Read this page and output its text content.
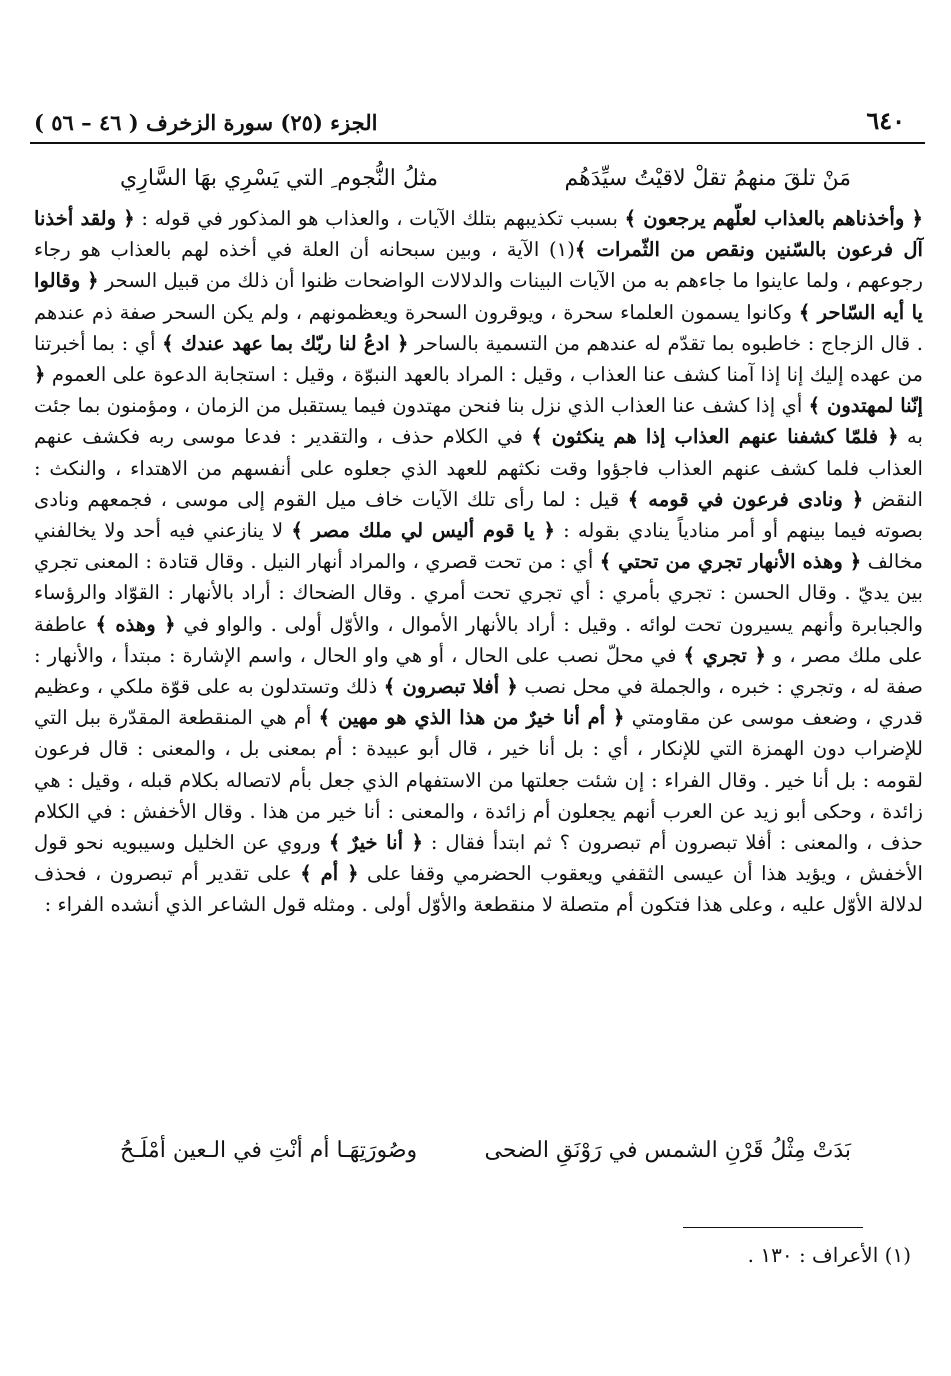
٦٤٠
الجزء (٢٥) سورة الزخرف ( ٤٦ – ٥٦ )
مَنْ تلقَ منهمُ تقلْ لاقيْتُ سيِّدَهُم
مثلُ النُّجوم ِ التي يَسْرِي بهَا السَّارِي

﴿ وأخذناهم بالعذاب لعلّهم يرجعون ﴾ بسبب تكذيبهم بتلك الآيات ، والعذاب هو المذكور في قوله : ﴿ ولقد أخذنا آل فرعون بالسّنين ونقص من الثّمرات ﴾(١) الآية ، وبين سبحانه أن العلة في أخذه لهم بالعذاب هو رجاء رجوعهم ، ولما عاينوا ما جاءهم به من الآيات البينات والدلالات الواضحات ظنوا أن ذلك من قبيل السحر ﴿ وقالوا يا أيه السّاحر ﴾ وكانوا يسمون العلماء سحرة ، ويوقرون السحرة ويعظمونهم ، ولم يكن السحر صفة ذم عندهم . قال الزجاج : خاطبوه بما تقدّم له عندهم من التسمية بالساحر ﴿ ادعُ لنا ربّك بما عهد عندك ﴾ أي : بما أخبرتنا من عهده إليك إنا إذا آمنا كشف عنا العذاب ، وقيل : المراد بالعهد النبوّة ، وقيل : استجابة الدعوة على العموم ﴿ إنّنا لمهتدون ﴾ أي إذا كشف عنا العذاب الذي نزل بنا فنحن مهتدون فيما يستقبل من الزمان ، ومؤمنون بما جئت به ﴿ فلمّا كشفنا عنهم العذاب إذا هم ينكثون ﴾ في الكلام حذف ، والتقدير : فدعا موسى ربه فكشف عنهم العذاب فلما كشف عنهم العذاب فاجؤوا وقت نكثهم للعهد الذي جعلوه على أنفسهم من الاهتداء ، والنكث : النقض ﴿ ونادى فرعون في قومه ﴾ قيل : لما رأى تلك الآيات خاف ميل القوم إلى موسى ، فجمعهم ونادى بصوته فيما بينهم أو أمر منادياً ينادي بقوله : ﴿ يا قوم أليس لي ملك مصر ﴾ لا ينازعني فيه أحد ولا يخالفني مخالف ﴿ وهذه الأنهار تجري من تحتي ﴾ أي : من تحت قصري ، والمراد أنهار النيل . وقال قتادة : المعنى تجري بين يديّ . وقال الحسن : تجري بأمري : أي تجري تحت أمري . وقال الضحاك : أراد بالأنهار : القوّاد والرؤساء والجبابرة وأنهم يسيرون تحت لوائه . وقيل : أراد بالأنهار الأموال ، والأوّل أولى . والواو في ﴿ وهذه ﴾ عاطفة على ملك مصر ، و ﴿ تجري ﴾ في محلّ نصب على الحال ، أو هي واو الحال ، واسم الإشارة : مبتدأ ، والأنهار : صفة له ، وتجري : خبره ، والجملة في محل نصب ﴿ أفلا تبصرون ﴾ ذلك وتستدلون به على قوّة ملكي ، وعظيم قدري ، وضعف موسى عن مقاومتي ﴿ أم أنا خيرٌ من هذا الذي هو مهين ﴾ أم هي المنقطعة المقدّرة ببل التي للإضراب دون الهمزة التي للإنكار ، أي : بل أنا خير ، قال أبو عبيدة : أم بمعنى بل ، والمعنى : قال فرعون لقومه : بل أنا خير . وقال الفراء : إن شئت جعلتها من الاستفهام الذي جعل بأم لاتصاله بكلام قبله ، وقيل : هي زائدة ، وحكى أبو زيد عن العرب أنهم يجعلون أم زائدة ، والمعنى : أنا خير من هذا . وقال الأخفش : في الكلام حذف ، والمعنى : أفلا تبصرون أم تبصرون ؟ ثم ابتدأ فقال : ﴿ أنا خيرٌ ﴾ وروي عن الخليل وسيبويه نحو قول الأخفش ، ويؤيد هذا أن عيسى الثقفي ويعقوب الحضرمي وقفا على ﴿ أم ﴾ على تقدير أم تبصرون ، فحذف لدلالة الأوّل عليه ، وعلى هذا فتكون أم متصلة لا منقطعة والأوّل أولى . ومثله قول الشاعر الذي أنشده الفراء :

بَدَتْ مِثْلُ قَرْنِ الشمس في رَوْنَقِ الضحى
وصُورَتِهَـا أم أنْتِ في الـعين أمْلَـحُ
(١) الأعراف : ١٣٠ .
